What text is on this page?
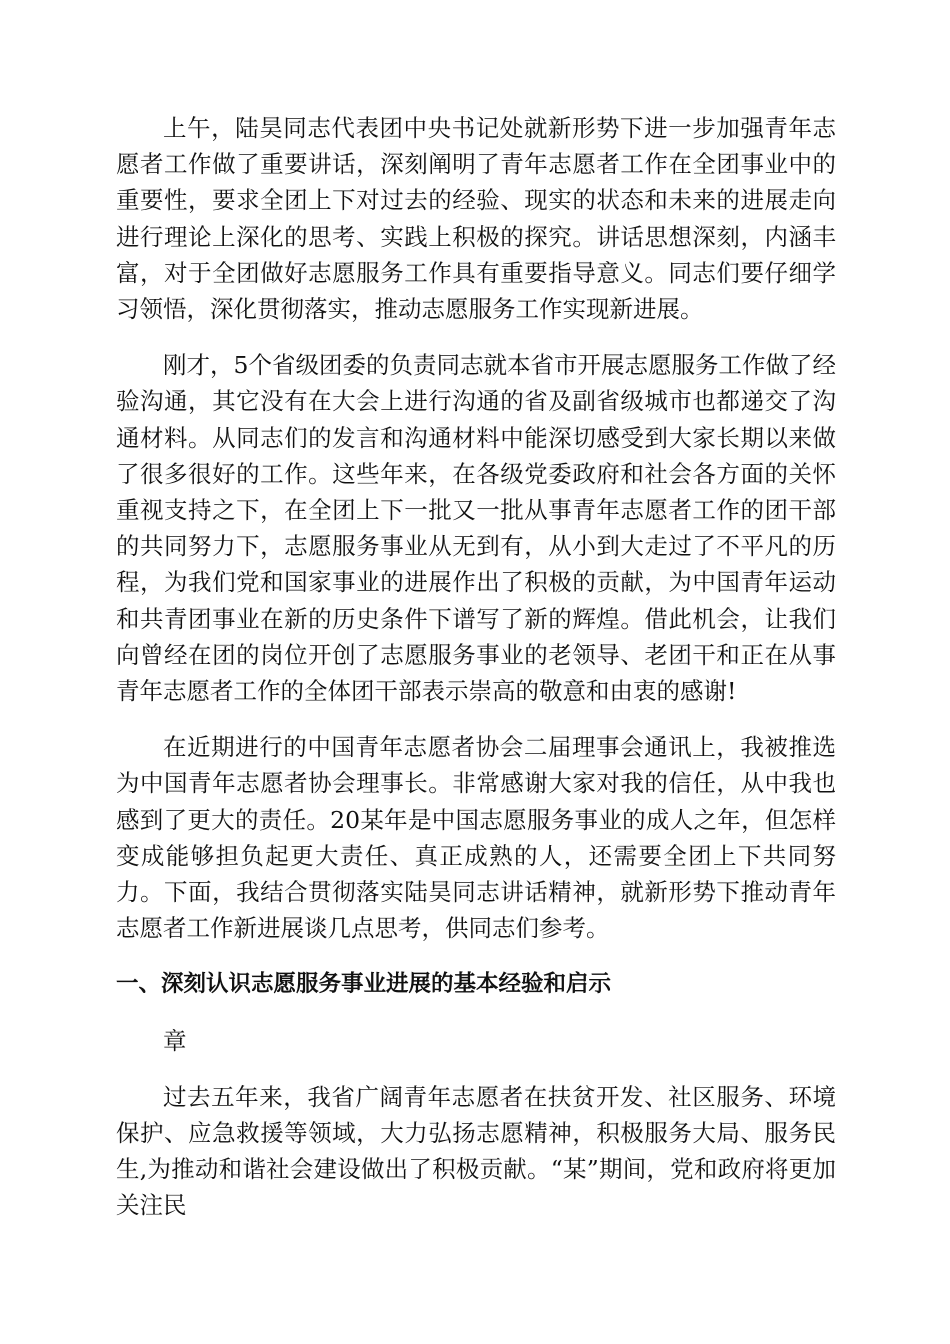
上午，陆昊同志代表团中央书记处就新形势下进一步加强青年志愿者工作做了重要讲话，深刻阐明了青年志愿者工作在全团事业中的重要性，要求全团上下对过去的经验、现实的状态和未来的进展走向进行理论上深化的思考、实践上积极的探究。讲话思想深刻，内涵丰富，对于全团做好志愿服务工作具有重要指导意义。同志们要仔细学习领悟，深化贯彻落实，推动志愿服务工作实现新进展。

刚才，5个省级团委的负责同志就本省市开展志愿服务工作做了经验沟通，其它没有在大会上进行沟通的省及副省级城市也都递交了沟通材料。从同志们的发言和沟通材料中能深切感受到大家长期以来做了很多很好的工作。这些年来，在各级党委政府和社会各方面的关怀重视支持之下，在全团上下一批又一批从事青年志愿者工作的团干部的共同努力下，志愿服务事业从无到有，从小到大走过了不平凡的历程，为我们党和国家事业的进展作出了积极的贡献，为中国青年运动和共青团事业在新的历史条件下谱写了新的辉煌。借此机会，让我们向曾经在团的岗位开创了志愿服务事业的老领导、老团干和正在从事青年志愿者工作的全体团干部表示崇高的敬意和由衷的感谢!

在近期进行的中国青年志愿者协会二届理事会通讯上，我被推选为中国青年志愿者协会理事长。非常感谢大家对我的信任，从中我也感到了更大的责任。20某年是中国志愿服务事业的成人之年，但怎样变成能够担负起更大责任、真正成熟的人，还需要全团上下共同努力。下面，我结合贯彻落实陆昊同志讲话精神，就新形势下推动青年志愿者工作新进展谈几点思考，供同志们参考。

一、深刻认识志愿服务事业进展的基本经验和启示

章

过去五年来，我省广阔青年志愿者在扶贫开发、社区服务、环境保护、应急救援等领域，大力弘扬志愿精神，积极服务大局、服务民生,为推动和谐社会建设做出了积极贡献。“某”期间，党和政府将更加关注民
